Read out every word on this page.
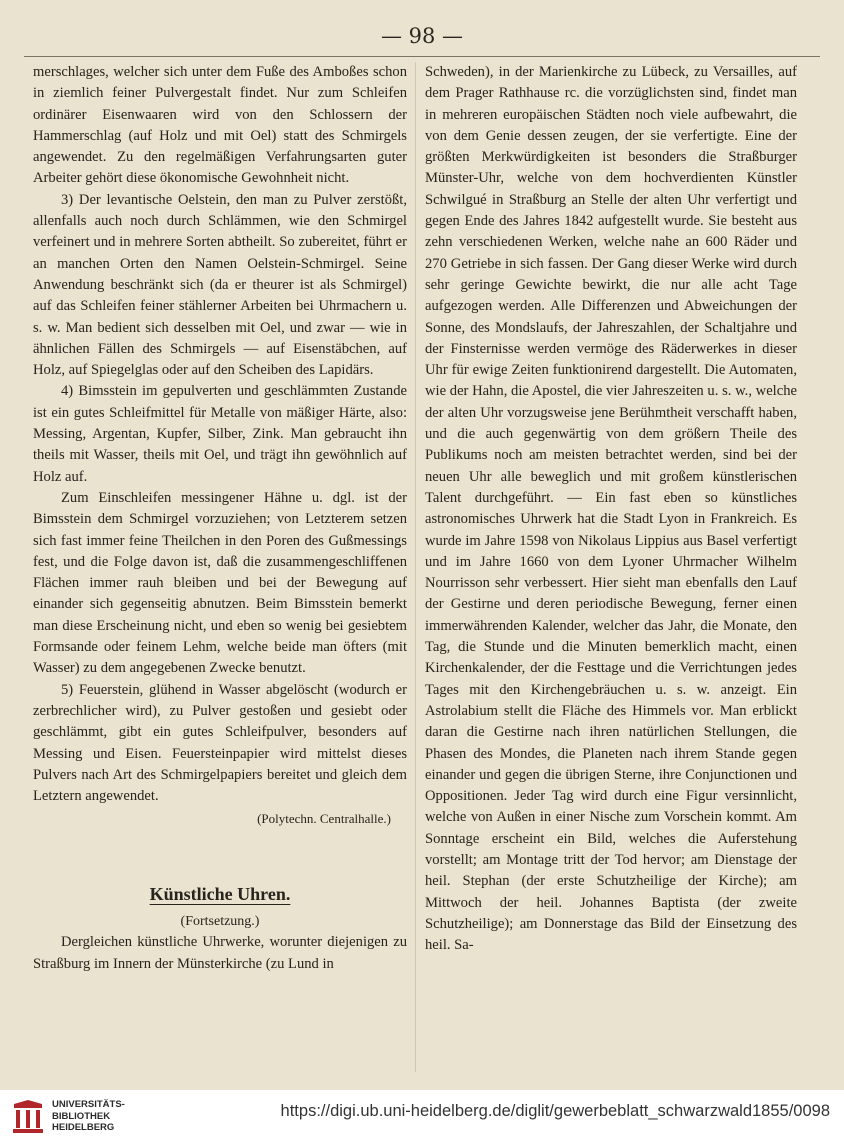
— 98 —

merschlages, welcher sich unter dem Fuße des Amboßes schon in ziemlich feiner Pulvergestalt findet. Nur zum Schleifen ordinärer Eisenwaaren wird von den Schlossern der Hammerschlag (auf Holz und mit Oel) statt des Schmirgels angewendet. Zu den regelmäßigen Verfahrungsarten guter Arbeiter gehört diese ökonomische Gewohnheit nicht.

3) Der levantische Oelstein, den man zu Pulver zerstößt, allenfalls auch noch durch Schlämmen, wie den Schmirgel verfeinert und in mehrere Sorten abtheilt. So zubereitet, führt er an manchen Orten den Namen Oelstein-Schmirgel. Seine Anwendung beschränkt sich (da er theurer ist als Schmirgel) auf das Schleifen feiner stählerner Arbeiten bei Uhrmachern u. s. w. Man bedient sich desselben mit Oel, und zwar — wie in ähnlichen Fällen des Schmirgels — auf Eisenstäbchen, auf Holz, auf Spiegelglas oder auf den Scheiben des Lapidärs.

4) Bimsstein im gepulverten und geschlämmten Zustande ist ein gutes Schleifmittel für Metalle von mäßiger Härte, also: Messing, Argentan, Kupfer, Silber, Zink. Man gebraucht ihn theils mit Wasser, theils mit Oel, und trägt ihn gewöhnlich auf Holz auf.

Zum Einschleifen messingener Hähne u. dgl. ist der Bimsstein dem Schmirgel vorzuziehen; von Letzterem setzen sich fast immer feine Theilchen in den Poren des Gußmessings fest, und die Folge davon ist, daß die zusammengeschliffenen Flächen immer rauh bleiben und bei der Bewegung auf einander sich gegenseitig abnutzen. Beim Bimsstein bemerkt man diese Erscheinung nicht, und eben so wenig bei gesiebtem Formsande oder feinem Lehm, welche beide man öfters (mit Wasser) zu dem angegebenen Zwecke benutzt.

5) Feuerstein, glühend in Wasser abgelöscht (wodurch er zerbrechlicher wird), zu Pulver gestoßen und gesiebt oder geschlämmt, gibt ein gutes Schleifpulver, besonders auf Messing und Eisen. Feuersteinpapier wird mittelst dieses Pulvers nach Art des Schmirgelpapiers bereitet und gleich dem Letztern angewendet.

(Polytechn. Centralhalle.)

Künstliche Uhren.

(Fortsetzung.)

Dergleichen künstliche Uhrwerke, worunter diejenigen zu Straßburg im Innern der Münsterkirche (zu Lund in

Schweden), in der Marienkirche zu Lübeck, zu Versailles, auf dem Prager Rathhause rc. die vorzüglichsten sind, findet man in mehreren europäischen Städten noch viele aufbewahrt, die von dem Genie dessen zeugen, der sie verfertigte. Eine der größten Merkwürdigkeiten ist besonders die Straßburger Münster-Uhr, welche von dem hochverdienten Künstler Schwilgué in Straßburg an Stelle der alten Uhr verfertigt und gegen Ende des Jahres 1842 aufgestellt wurde. Sie besteht aus zehn verschiedenen Werken, welche nahe an 600 Räder und 270 Getriebe in sich fassen. Der Gang dieser Werke wird durch sehr geringe Gewichte bewirkt, die nur alle acht Tage aufgezogen werden. Alle Differenzen und Abweichungen der Sonne, des Mondslaufs, der Jahreszahlen, der Schaltjahre und der Finsternisse werden vermöge des Räderwerkes in dieser Uhr für ewige Zeiten funktionirend dargestellt. Die Automaten, wie der Hahn, die Apostel, die vier Jahreszeiten u. s. w., welche der alten Uhr vorzugsweise jene Berühmtheit verschafft haben, und die auch gegenwärtig von dem größern Theile des Publikums noch am meisten betrachtet werden, sind bei der neuen Uhr alle beweglich und mit großem künstlerischen Talent durchgeführt. — Ein fast eben so künstliches astronomisches Uhrwerk hat die Stadt Lyon in Frankreich. Es wurde im Jahre 1598 von Nikolaus Lippius aus Basel verfertigt und im Jahre 1660 von dem Lyoner Uhrmacher Wilhelm Nourrisson sehr verbessert. Hier sieht man ebenfalls den Lauf der Gestirne und deren periodische Bewegung, ferner einen immerwährenden Kalender, welcher das Jahr, die Monate, den Tag, die Stunde und die Minuten bemerklich macht, einen Kirchenkalender, der die Festtage und die Verrichtungen jedes Tages mit den Kirchengebräuchen u. s. w. anzeigt. Ein Astrolabium stellt die Fläche des Himmels vor. Man erblickt daran die Gestirne nach ihren natürlichen Stellungen, die Phasen des Mondes, die Planeten nach ihrem Stande gegen einander und gegen die übrigen Sterne, ihre Conjunctionen und Oppositionen. Jeder Tag wird durch eine Figur versinnlicht, welche von Außen in einer Nische zum Vorschein kommt. Am Sonntage erscheint ein Bild, welches die Auferstehung vorstellt; am Montage tritt der Tod hervor; am Dienstage der heil. Stephan (der erste Schutzheilige der Kirche); am Mittwoch der heil. Johannes Baptista (der zweite Schutzheilige); am Donnerstage das Bild der Einsetzung des heil. Sa-

UNIVERSITÄTS-
BIBLIOTHEK
HEIDELBERG
https://digi.ub.uni-heidelberg.de/diglit/gewerbeblatt_schwarzwald1855/0098
